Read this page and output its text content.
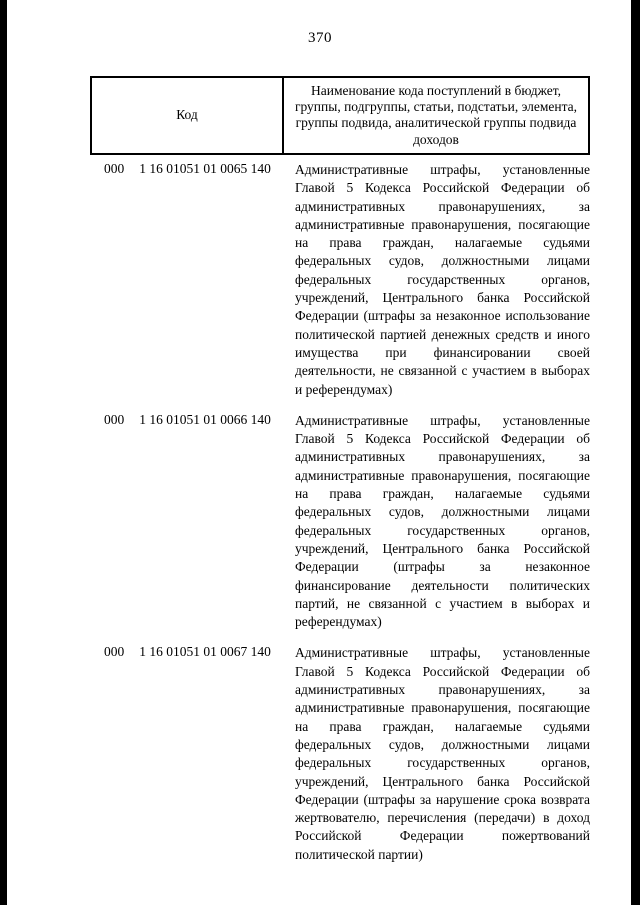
370
Код
Наименование кода поступлений в бюджет, группы, подгруппы, статьи, подстатьи, элемента, группы подвида, аналитической группы подвида доходов
000 1 16 01051 01 0065 140 Административные штрафы, установленные Главой 5 Кодекса Российской Федерации об административных правонарушениях, за административные правонарушения, посягающие на права граждан, налагаемые судьями федеральных судов, должностными лицами федеральных государственных органов, учреждений, Центрального банка Российской Федерации (штрафы за незаконное использование политической партией денежных средств и иного имущества при финансировании своей деятельности, не связанной с участием в выборах и референдумах)
000 1 16 01051 01 0066 140 Административные штрафы, установленные Главой 5 Кодекса Российской Федерации об административных правонарушениях, за административные правонарушения, посягающие на права граждан, налагаемые судьями федеральных судов, должностными лицами федеральных государственных органов, учреждений, Центрального банка Российской Федерации (штрафы за незаконное финансирование деятельности политических партий, не связанной с участием в выборах и референдумах)
000 1 16 01051 01 0067 140 Административные штрафы, установленные Главой 5 Кодекса Российской Федерации об административных правонарушениях, за административные правонарушения, посягающие на права граждан, налагаемые судьями федеральных судов, должностными лицами федеральных государственных органов, учреждений, Центрального банка Российской Федерации (штрафы за нарушение срока возврата жертвователю, перечисления (передачи) в доход Российской Федерации пожертвований политической партии)
